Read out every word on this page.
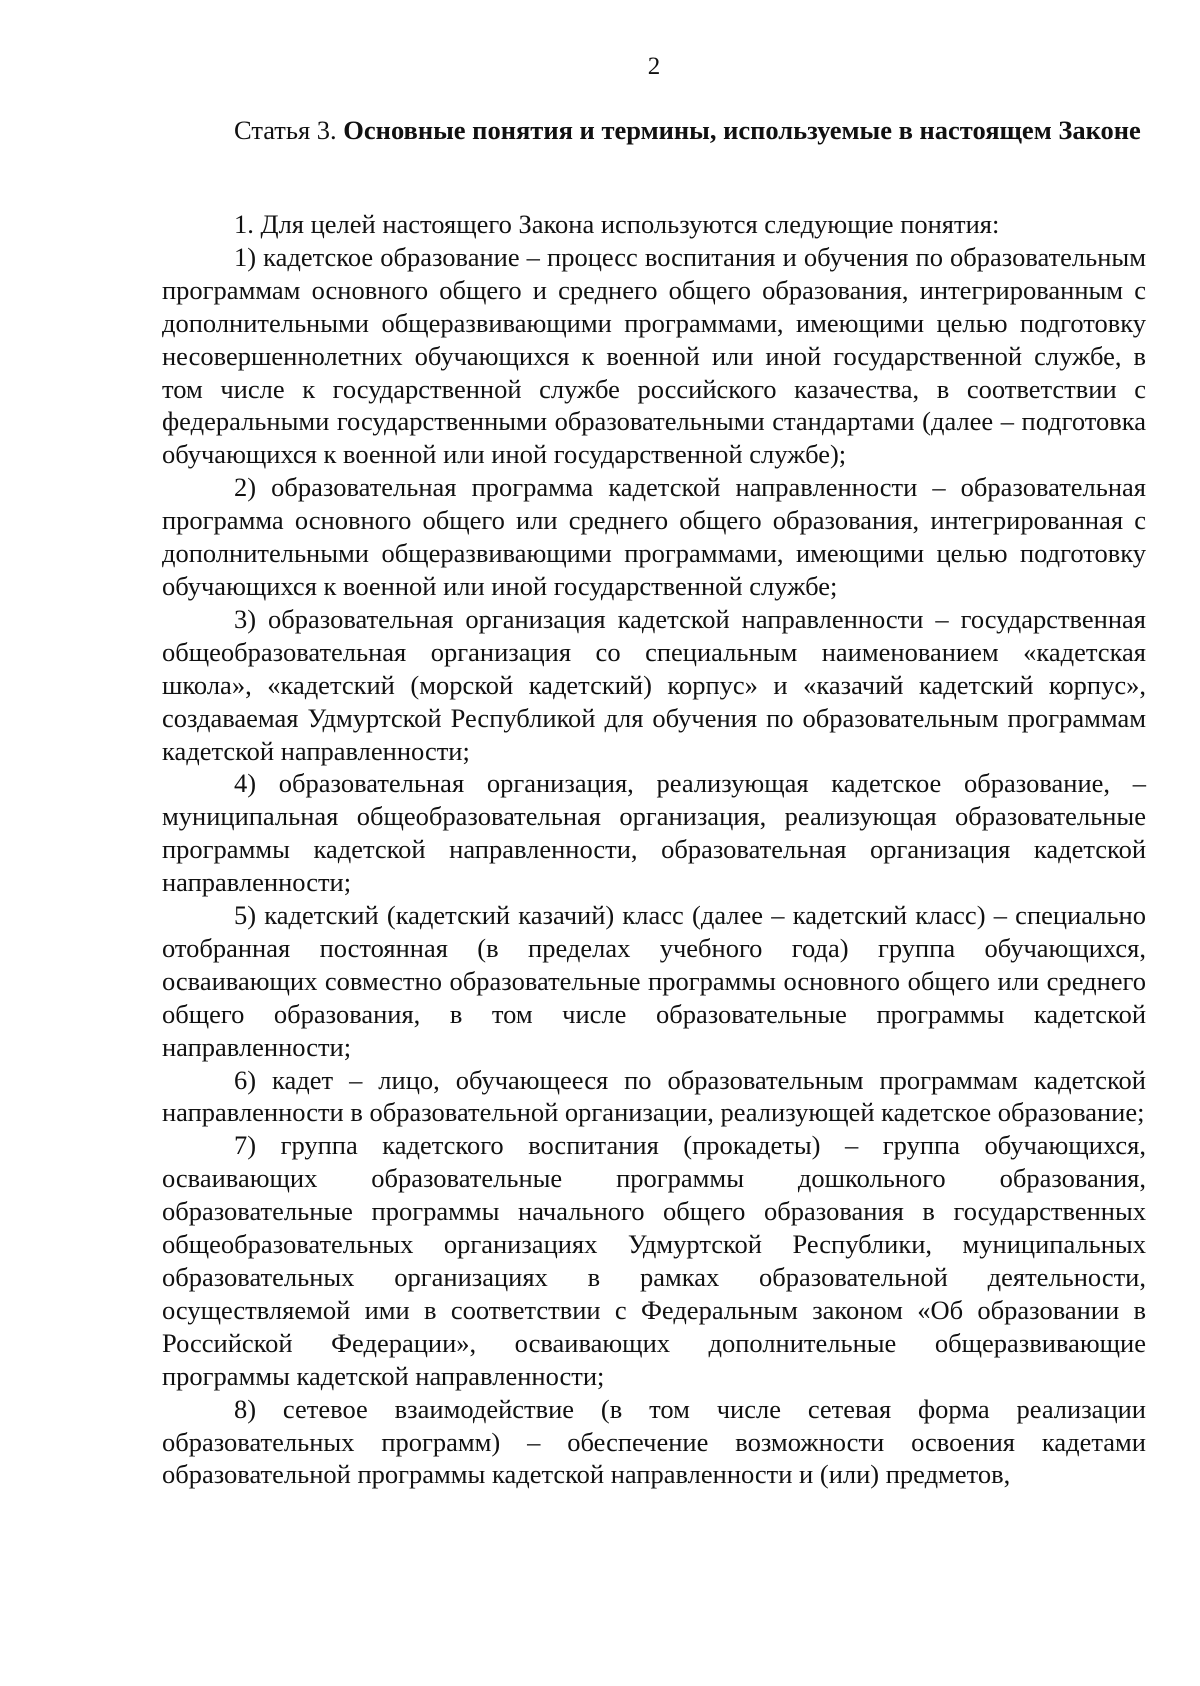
2
Статья 3. Основные понятия и термины, используемые в настоящем Законе

1. Для целей настоящего Закона используются следующие понятия:

1) кадетское образование – процесс воспитания и обучения по образовательным программам основного общего и среднего общего образования, интегрированным с дополнительными общеразвивающими программами, имеющими целью подготовку несовершеннолетних обучающихся к военной или иной государственной службе, в том числе к государственной службе российского казачества, в соответствии с федеральными государственными образовательными стандартами (далее – подготовка обучающихся к военной или иной государственной службе);

2) образовательная программа кадетской направленности – образовательная программа основного общего или среднего общего образования, интегрированная с дополнительными общеразвивающими программами, имеющими целью подготовку обучающихся к военной или иной государственной службе;

3) образовательная организация кадетской направленности – государственная общеобразовательная организация со специальным наименованием «кадетская школа», «кадетский (морской кадетский) корпус» и «казачий кадетский корпус», создаваемая Удмуртской Республикой для обучения по образовательным программам кадетской направленности;

4) образовательная организация, реализующая кадетское образование, – муниципальная общеобразовательная организация, реализующая образовательные программы кадетской направленности, образовательная организация кадетской направленности;

5) кадетский (кадетский казачий) класс (далее – кадетский класс) – специально отобранная постоянная (в пределах учебного года) группа обучающихся, осваивающих совместно образовательные программы основного общего или среднего общего образования, в том числе образовательные программы кадетской направленности;

6) кадет – лицо, обучающееся по образовательным программам кадетской направленности в образовательной организации, реализующей кадетское образование;

7) группа кадетского воспитания (прокадеты) – группа обучающихся, осваивающих образовательные программы дошкольного образования, образовательные программы начального общего образования в государственных общеобразовательных организациях Удмуртской Республики, муниципальных образовательных организациях в рамках образовательной деятельности, осуществляемой ими в соответствии с Федеральным законом «Об образовании в Российской Федерации», осваивающих дополнительные общеразвивающие программы кадетской направленности;

8) сетевое взаимодействие (в том числе сетевая форма реализации образовательных программ) – обеспечение возможности освоения кадетами образовательной программы кадетской направленности и (или) предметов,
